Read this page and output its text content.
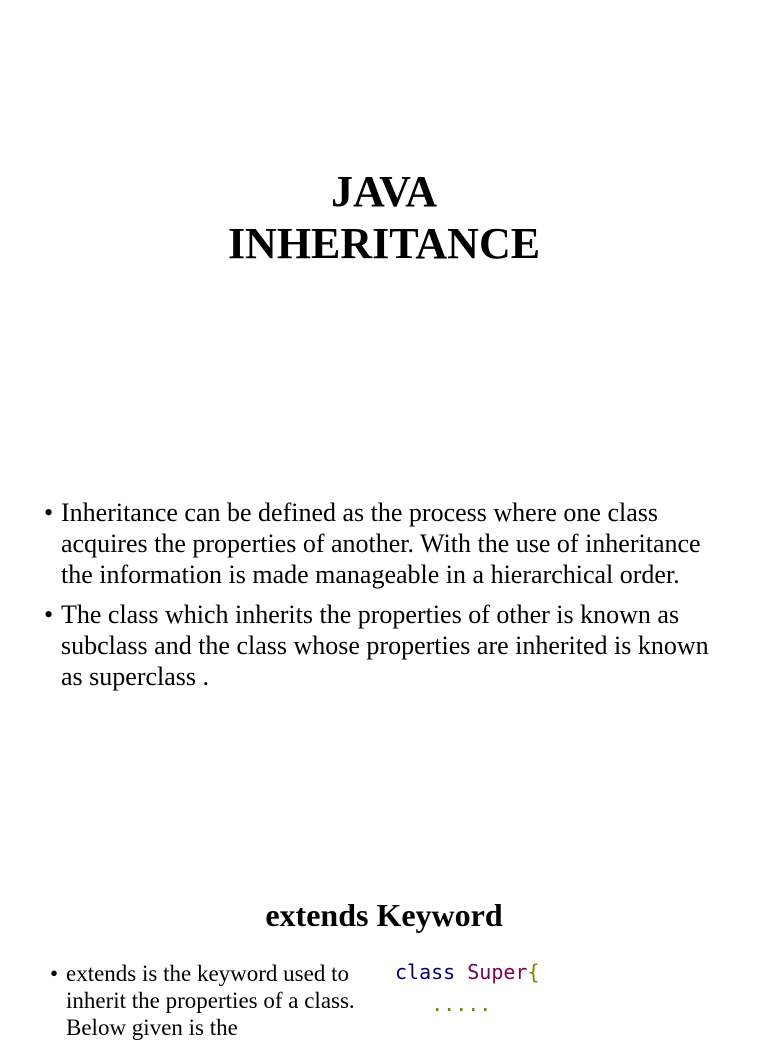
JAVA
INHERITANCE
• Inheritance can be defined as the process where one class acquires the properties of another. With the use of inheritance the information is made manageable in a hierarchical order.
• The class which inherits the properties of other is known as subclass and the class whose properties are inherited is known as superclass .
extends Keyword
• extends is the keyword used to inherit the properties of a class. Below given is the
class Super{
.....
